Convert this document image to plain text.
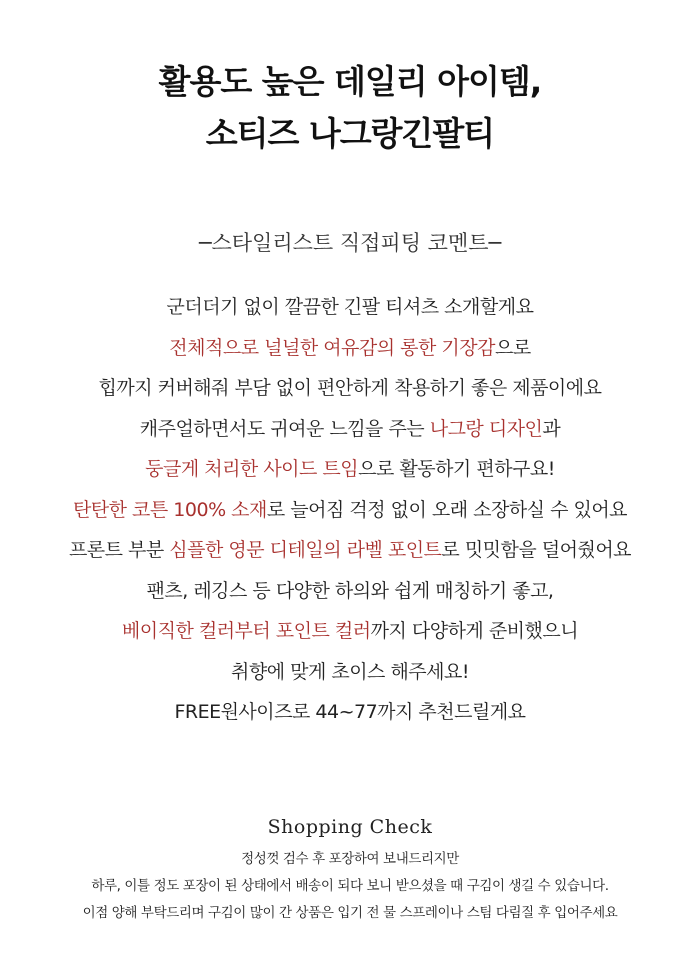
활용도 높은 데일리 아이템,
소티즈 나그랑긴팔티
─스타일리스트 직접피팅 코멘트─
군더더기 없이 깔끔한 긴팔 티셔츠 소개할게요
전체적으로 널널한 여유감의 롱한 기장감으로
힙까지 커버해줘 부담 없이 편안하게 착용하기 좋은 제품이에요
캐주얼하면서도 귀여운 느낌을 주는 나그랑 디자인과
둥글게 처리한 사이드 트임으로 활동하기 편하구요!
탄탄한 코튼 100% 소재로 늘어짐 걱정 없이 오래 소장하실 수 있어요
프론트 부분 심플한 영문 디테일의 라벨 포인트로 밋밋함을 덜어줬어요
팬츠, 레깅스 등 다양한 하의와 쉽게 매칭하기 좋고,
베이직한 컬러부터 포인트 컬러까지 다양하게 준비했으니
취향에 맞게 초이스 해주세요!
FREE원사이즈로 44~77까지 추천드릴게요
Shopping Check
정성껏 검수 후 포장하여 보내드리지만
하루, 이틀 정도 포장이 된 상태에서 배송이 되다 보니 받으셨을 때 구김이 생길 수 있습니다.
이점 양해 부탁드리며 구김이 많이 간 상품은 입기 전 물 스프레이나 스팀 다림질 후 입어주세요
